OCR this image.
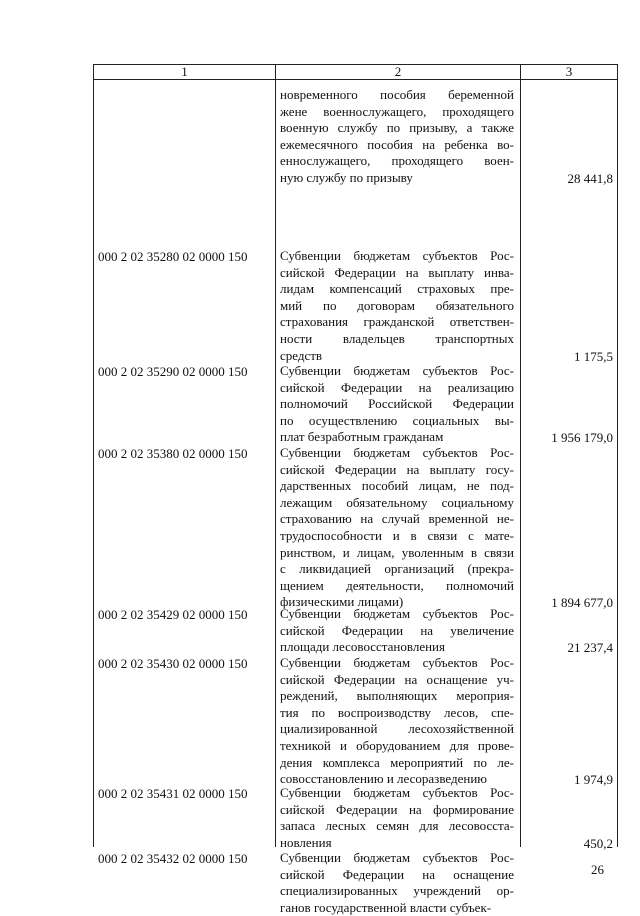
1	2	3
новременного пособия беременной
жене военнослужащего, проходящего
военную службу по призыву, а также
ежемесячного пособия на ребенка во-
еннослужащего, проходящего воен-
ную службу по призыву	28 441,8
000 2 02 35280 02 0000 150	Субвенции бюджетам субъектов Рос-
сийской Федерации на выплату инва-
лидам компенсаций страховых пре-
мий по договорам обязательного
страхования гражданской ответствен-
ности владельцев транспортных
средств	1 175,5
000 2 02 35290 02 0000 150	Субвенции бюджетам субъектов Рос-
сийской Федерации на реализацию
полномочий Российской Федерации
по осуществлению социальных вы-
плат безработным гражданам	1 956 179,0
000 2 02 35380 02 0000 150	Субвенции бюджетам субъектов Рос-
сийской Федерации на выплату госу-
дарственных пособий лицам, не под-
лежащим обязательному социальному
страхованию на случай временной не-
трудоспособности и в связи с мате-
ринством, и лицам, уволенным в связи
с ликвидацией организаций (прекра-
щением деятельности, полномочий
физическими лицами)	1 894 677,0
000 2 02 35429 02 0000 150	Субвенции бюджетам субъектов Рос-
сийской Федерации на увеличение
площади лесовосстановления	21 237,4
000 2 02 35430 02 0000 150	Субвенции бюджетам субъектов Рос-
сийской Федерации на оснащение уч-
реждений, выполняющих мероприя-
тия по воспроизводству лесов, спе-
циализированной лесохозяйственной
техникой и оборудованием для прове-
дения комплекса мероприятий по ле-
совосстановлению и лесоразведению	1 974,9
000 2 02 35431 02 0000 150	Субвенции бюджетам субъектов Рос-
сийской Федерации на формирование
запаса лесных семян для лесовосста-
новления	450,2
000 2 02 35432 02 0000 150	Субвенции бюджетам субъектов Рос-
сийской Федерации на оснащение
специализированных учреждений ор-
ганов государственной власти субъек-
26
